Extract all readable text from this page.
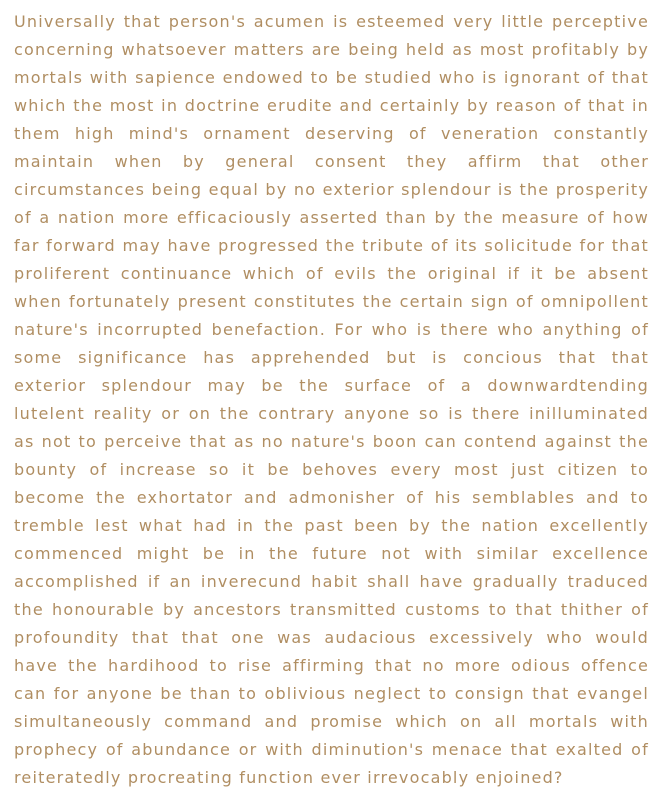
Universally that person's acumen is esteemed very little perceptive concerning whatsoever matters are being held as most profitably by mortals with sapience endowed to be studied who is ignorant of that which the most in doctrine erudite and certainly by reason of that in them high mind's ornament deserving of veneration constantly maintain when by general consent they affirm that other circumstances being equal by no exterior splendour is the prosperity of a nation more efficaciously asserted than by the measure of how far forward may have progressed the tribute of its solicitude for that proliferent continuance which of evils the original if it be absent when fortunately present constitutes the certain sign of omnipollent nature's incorrupted benefaction. For who is there who anything of some significance has apprehended but is concious that that exterior splendour may be the surface of a downwardtending lutelent reality or on the contrary anyone so is there inilluminated as not to perceive that as no nature's boon can contend against the bounty of increase so it be behoves every most just citizen to become the exhortator and admonisher of his semblables and to tremble lest what had in the past been by the nation excellently commenced might be in the future not with similar excellence accomplished if an inverecund habit shall have gradually traduced the honourable by ancestors transmitted customs to that thither of profoundity that that one was audacious excessively who would have the hardihood to rise affirming that no more odious offence can for anyone be than to oblivious neglect to consign that evangel simultaneously command and promise which on all mortals with prophecy of abundance or with diminution's menace that exalted of reiteratedly procreating function ever irrevocably enjoined?
